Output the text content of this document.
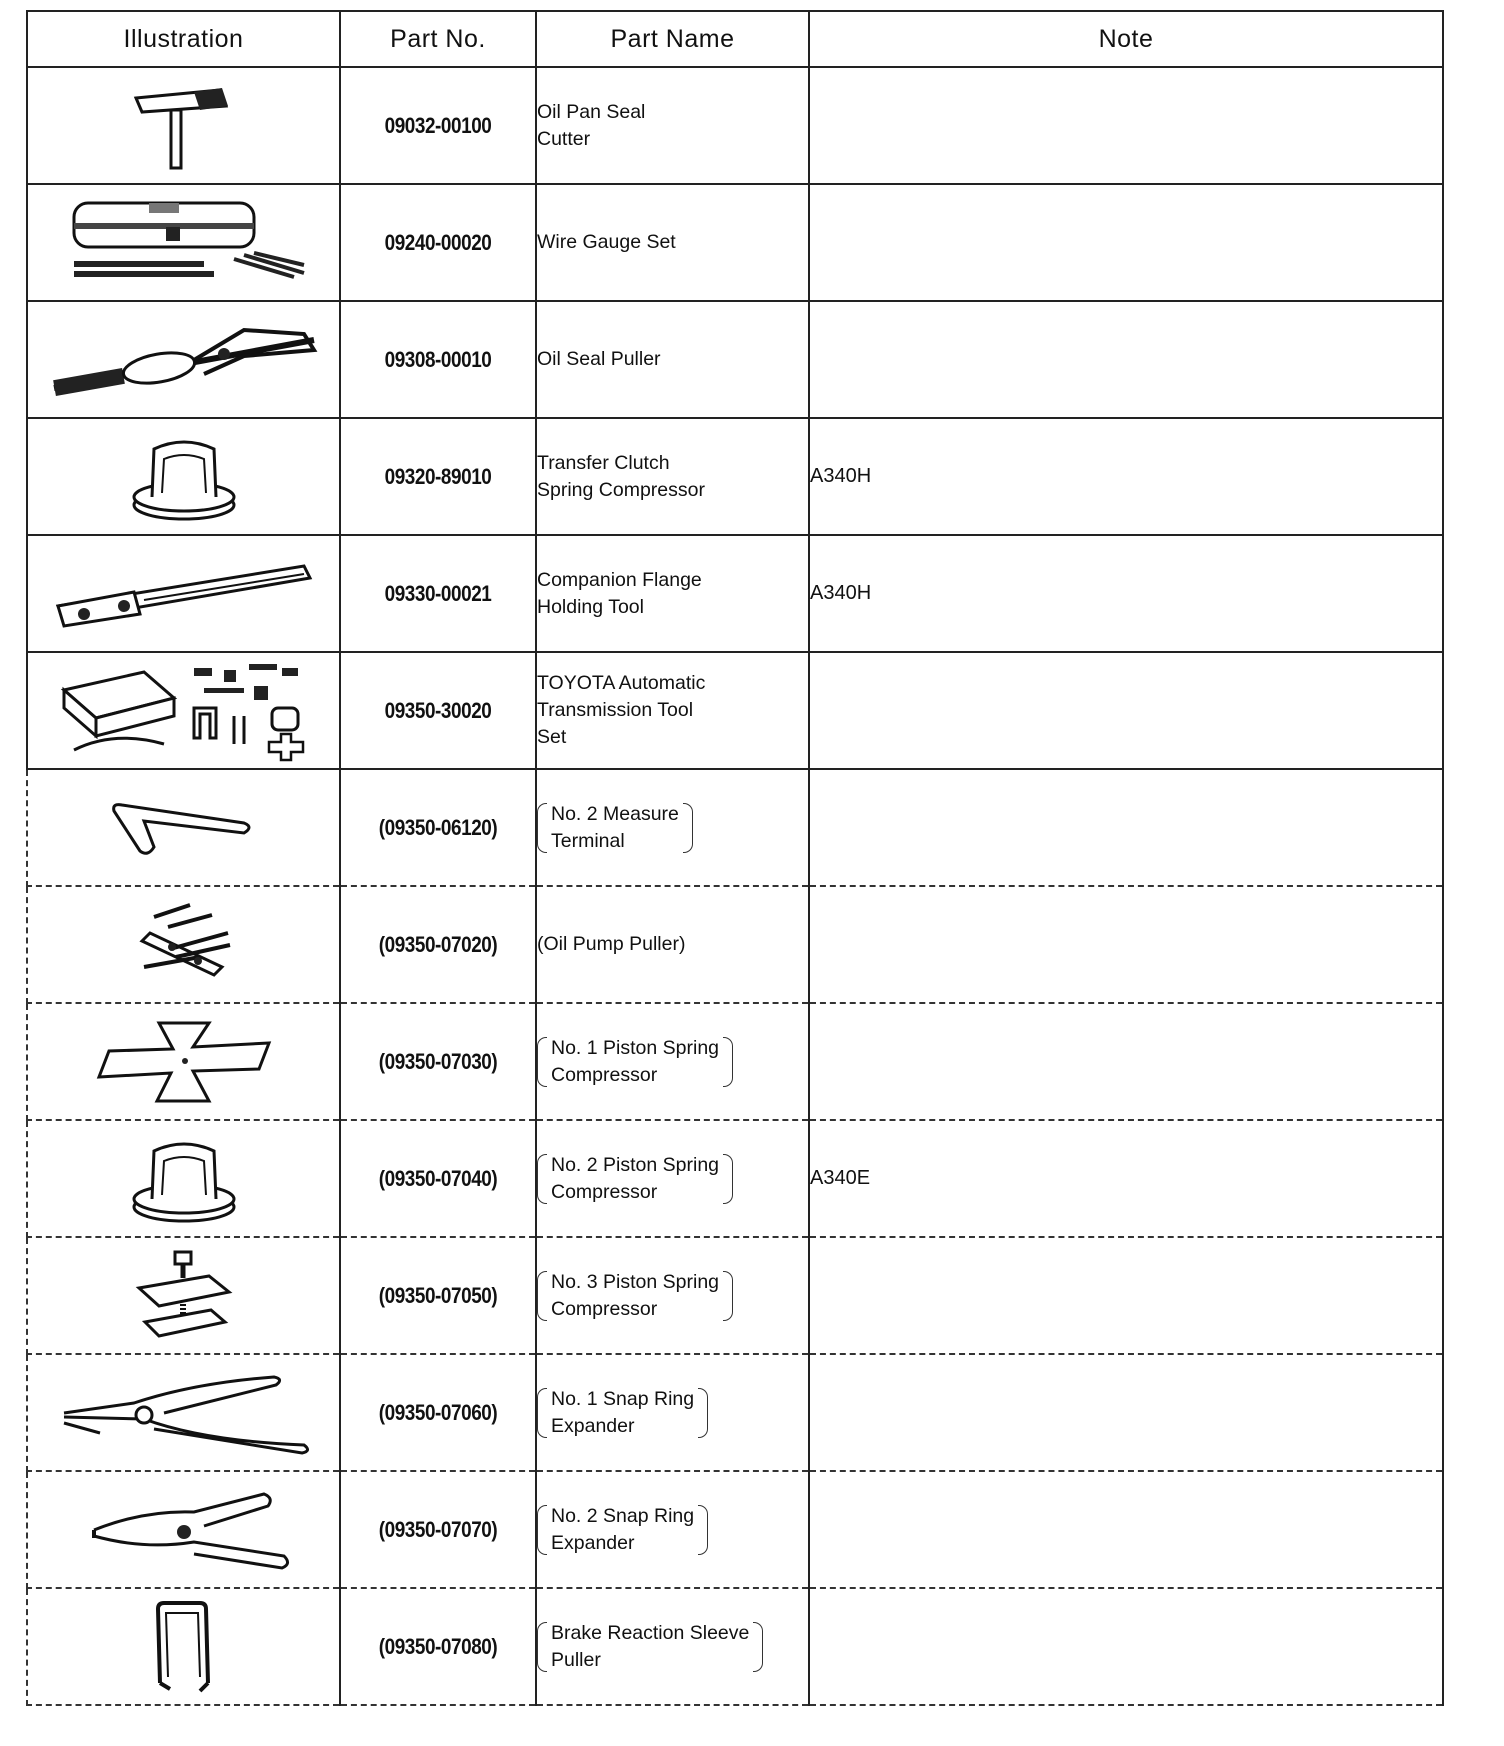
Illustration	Part No.	Part Name	Note

	09032-00100	Oil Pan Seal
Cutter	

	09240-00020	Wire Gauge Set	

	09308-00010	Oil Seal Puller	

	09320-89010	Transfer Clutch
Spring Compressor	A340H

	09330-00021	Companion Flange
Holding Tool	A340H

	09350-30020	TOYOTA Automatic
Transmission Tool
Set	

	(09350-06120)	No. 2 Measure
Terminal	

	(09350-07020)	(Oil Pump Puller)	

	(09350-07030)	No. 1 Piston Spring
Compressor	

	(09350-07040)	No. 2 Piston Spring
Compressor	A340E

	(09350-07050)	No. 3 Piston Spring
Compressor	

	(09350-07060)	No. 1 Snap Ring
Expander	

	(09350-07070)	No. 2 Snap Ring
Expander	

	(09350-07080)	Brake Reaction Sleeve
Puller	
